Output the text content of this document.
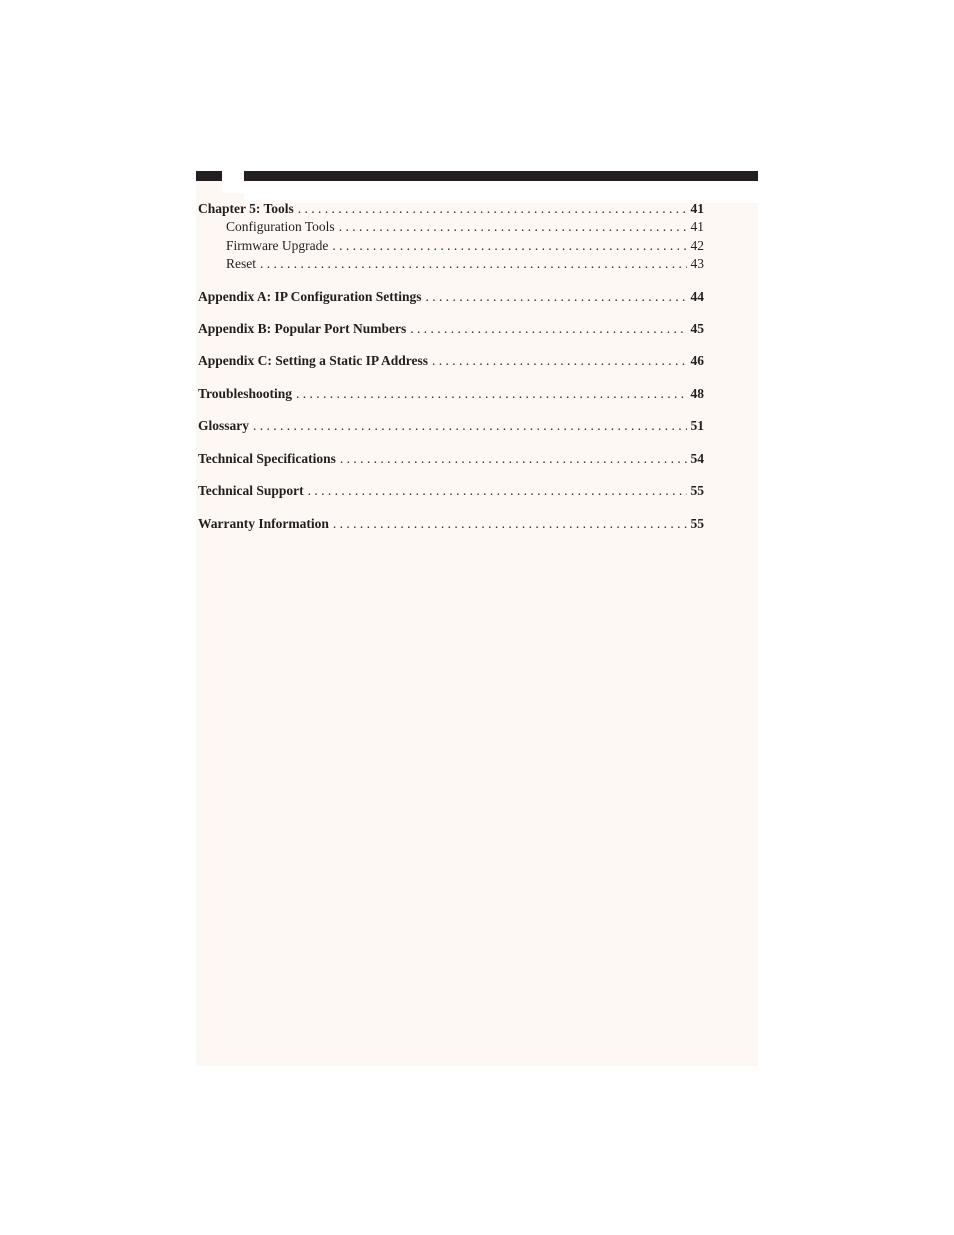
Chapter 5: Tools . . .	41
Configuration Tools . . .	41
Firmware Upgrade . . .	42
Reset . . .	43
Appendix A: IP Configuration Settings . . .	44
Appendix B: Popular Port Numbers . . .	45
Appendix C: Setting a Static IP Address . . .	46
Troubleshooting . . .	48
Glossary . . .	51
Technical Specifications . . .	54
Technical Support . . .	55
Warranty Information . . .	55
